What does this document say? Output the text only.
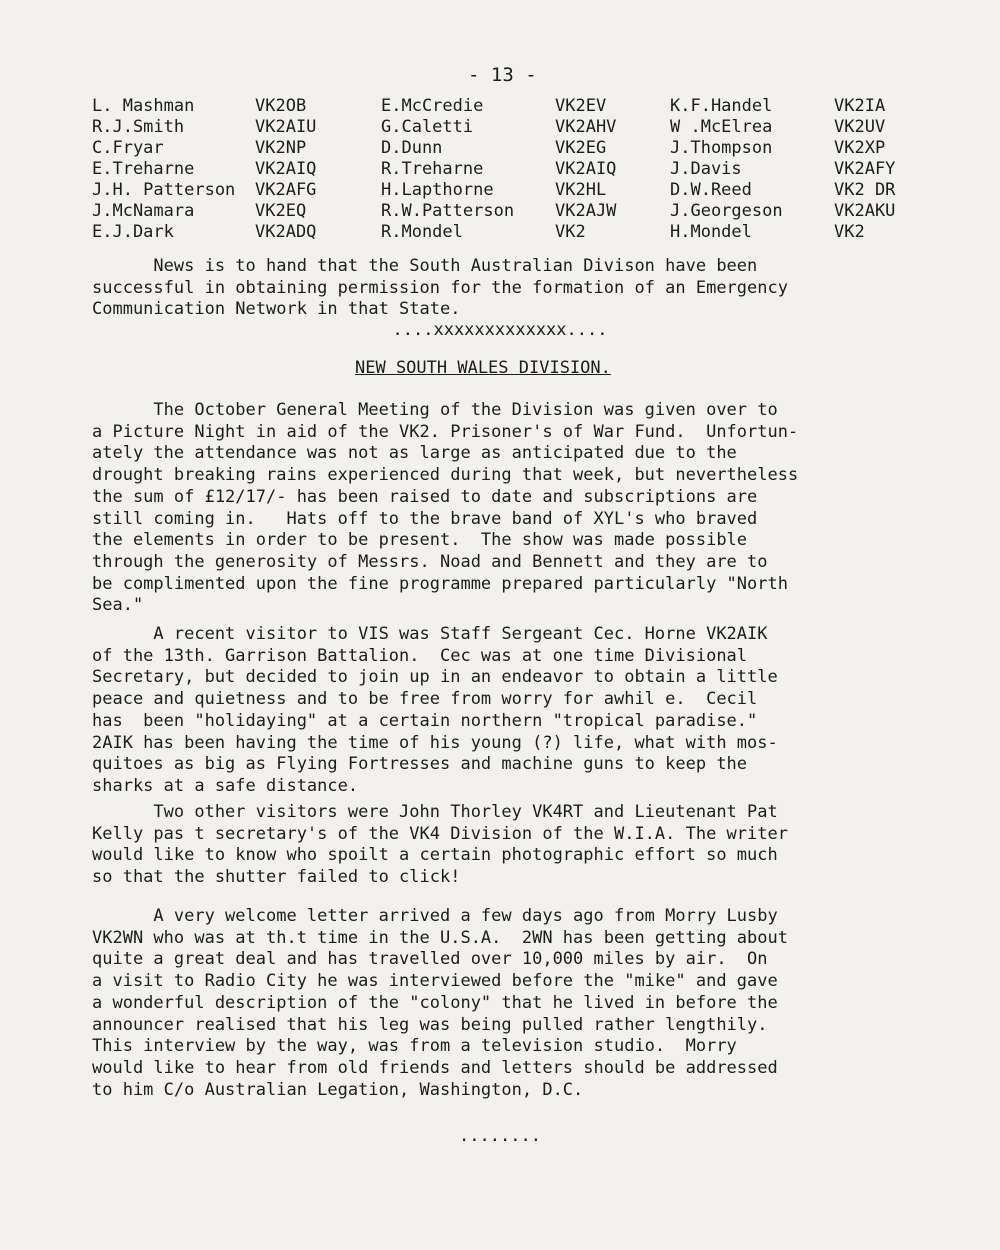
- 13 -
L. Mashman	VK2OB	E.McCredie	VK2EV	K.F.Handel	VK2IA
R.J.Smith	VK2AIU	G.Caletti	VK2AHV	W .McElrea	VK2UV
C.Fryar	VK2NP	D.Dunn	VK2EG	J.Thompson	VK2XP
E.Treharne	VK2AIQ	R.Treharne	VK2AIQ	J.Davis	VK2AFY
J.H. Patterson VK2AFG	H.Lapthorne	VK2HL	D.W.Reed	VK2 DR
J.McNamara	VK2EQ	R.W.Patterson VK2AJW	J.Georgeson	VK2AKU
E.J.Dark	VK2ADQ	R.Mondel	VK2	H.Mondel	VK2
News is to hand that the South Australian Divison have been
successful in obtaining permission for the formation of an Emergency
Communication Network in that State.
....xxxxxxxxxxxxx....
NEW SOUTH WALES DIVISION.
The October General Meeting of the Division was given over to
a Picture Night in aid of the VK2. Prisoner's of War Fund.  Unfortun-
ately the attendance was not as large as anticipated due to the
drought breaking rains experienced during that week, but nevertheless
the sum of £12/17/- has been raised to date and subscriptions are
still coming in.   Hats off to the brave band of XYL's who braved
the elements in order to be present.  The show was made possible
through the generosity of Messrs. Noad and Bennett and they are to
be complimented upon the fine programme prepared particularly "North
Sea."
A recent visitor to VIS was Staff Sergeant Cec. Horne VK2AIK
of the 13th. Garrison Battalion.  Cec was at one time Divisional
Secretary, but decided to join up in an endeavor to obtain a little
peace and quietness and to be free from worry for awhil e.  Cecil
has  been "holidaying" at a certain northern "tropical paradise."
2AIK has been having the time of his young (?) life, what with mos-
quitoes as big as Flying Fortresses and machine guns to keep the
sharks at a safe distance.
Two other visitors were John Thorley VK4RT and Lieutenant Pat
Kelly pas t secretary's of the VK4 Division of the W.I.A. The writer
would like to know who spoilt a certain photographic effort so much
so that the shutter failed to click!
A very welcome letter arrived a few days ago from Morry Lusby
VK2WN who was at th.t time in the U.S.A.  2WN has been getting about
quite a great deal and has travelled over 10,000 miles by air.  On
a visit to Radio City he was interviewed before the "mike" and gave
a wonderful description of the "colony" that he lived in before the
announcer realised that his leg was being pulled rather lengthily.
This interview by the way, was from a television studio.  Morry
would like to hear from old friends and letters should be addressed
to him C/o Australian Legation, Washington, D.C.
........
